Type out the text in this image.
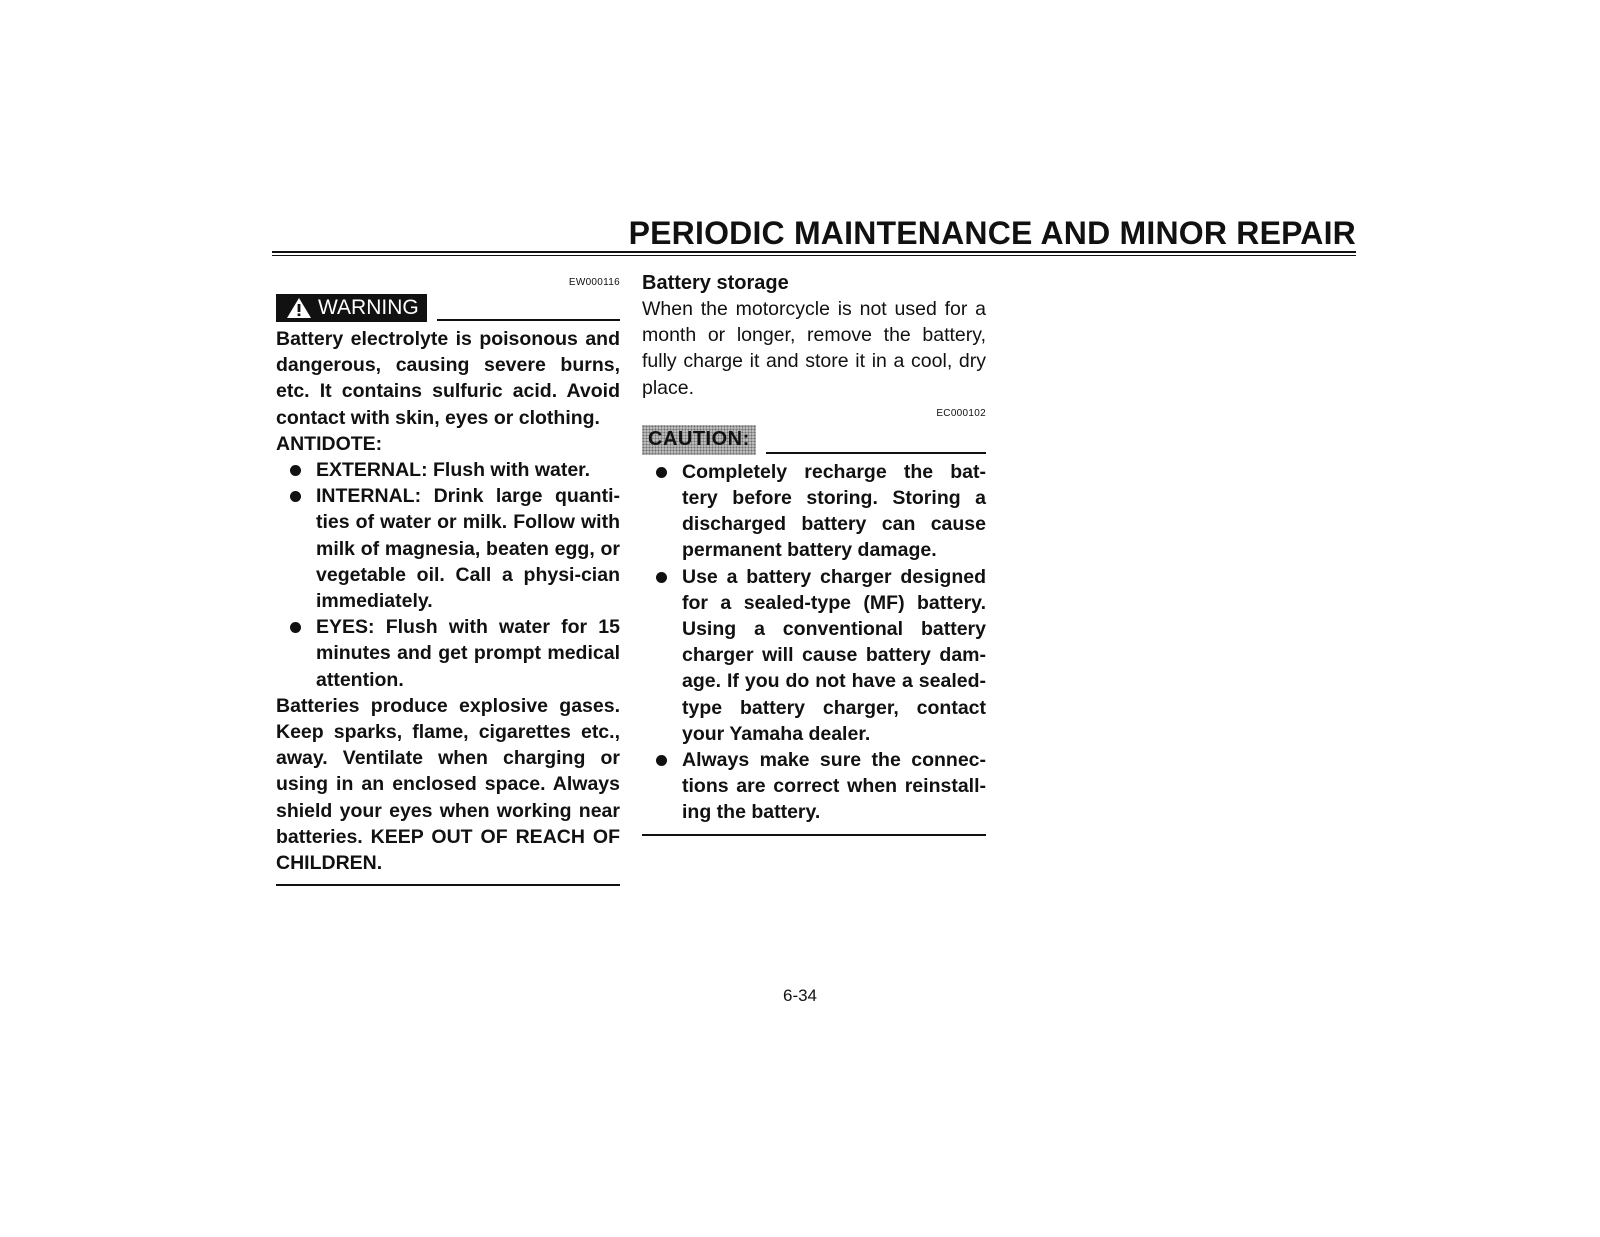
PERIODIC MAINTENANCE AND MINOR REPAIR
EW000116
WARNING

Battery electrolyte is poisonous and dangerous, causing severe burns, etc. It contains sulfuric acid. Avoid contact with skin, eyes or clothing.

ANTIDOTE:

EXTERNAL: Flush with water.
INTERNAL: Drink large quanti-ties of water or milk. Follow with milk of magnesia, beaten egg, or vegetable oil. Call a physi-cian immediately.
EYES: Flush with water for 15 minutes and get prompt medical attention.

Batteries produce explosive gases. Keep sparks, flame, cigarettes etc., away. Ventilate when charging or using in an enclosed space. Always shield your eyes when working near batteries. KEEP OUT OF REACH OF CHILDREN.

Battery storage

When the motorcycle is not used for a month or longer, remove the battery, fully charge it and store it in a cool, dry place.

EC000102
CAUTION:
Completely recharge the bat-tery before storing. Storing a discharged battery can cause permanent battery damage.
Use a battery charger designed for a sealed-type (MF) battery. Using a conventional battery charger will cause battery dam-age. If you do not have a sealed-type battery charger, contact your Yamaha dealer.
Always make sure the connec-tions are correct when reinstall-ing the battery.
6-34
